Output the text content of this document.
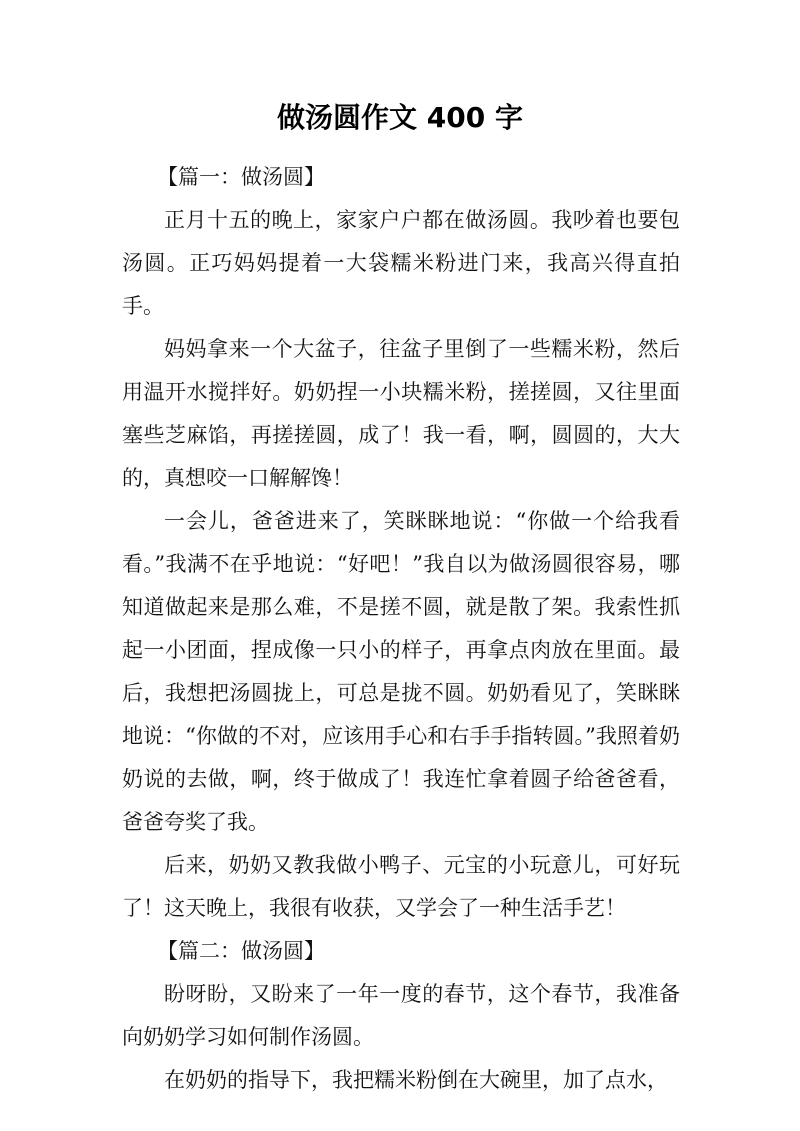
做汤圆作文 400 字

【篇一：做汤圆】

正月十五的晚上，家家户户都在做汤圆。我吵着也要包汤圆。正巧妈妈提着一大袋糯米粉进门来，我高兴得直拍手。

妈妈拿来一个大盆子，往盆子里倒了一些糯米粉，然后用温开水搅拌好。奶奶捏一小块糯米粉，搓搓圆，又往里面塞些芝麻馅，再搓搓圆，成了！我一看，啊，圆圆的，大大的，真想咬一口解解馋！

一会儿，爸爸进来了，笑眯眯地说：“你做一个给我看看。”我满不在乎地说：“好吧！”我自以为做汤圆很容易，哪知道做起来是那么难，不是搓不圆，就是散了架。我索性抓起一小团面，捏成像一只小的样子，再拿点肉放在里面。最后，我想把汤圆拢上，可总是拢不圆。奶奶看见了，笑眯眯地说：“你做的不对，应该用手心和右手手指转圆。”我照着奶奶说的去做，啊，终于做成了！我连忙拿着圆子给爸爸看，爸爸夸奖了我。

后来，奶奶又教我做小鸭子、元宝的小玩意儿，可好玩了！这天晚上，我很有收获，又学会了一种生活手艺！

【篇二：做汤圆】

盼呀盼，又盼来了一年一度的春节，这个春节，我准备向奶奶学习如何制作汤圆。

在奶奶的指导下，我把糯米粉倒在大碗里，加了点水，
